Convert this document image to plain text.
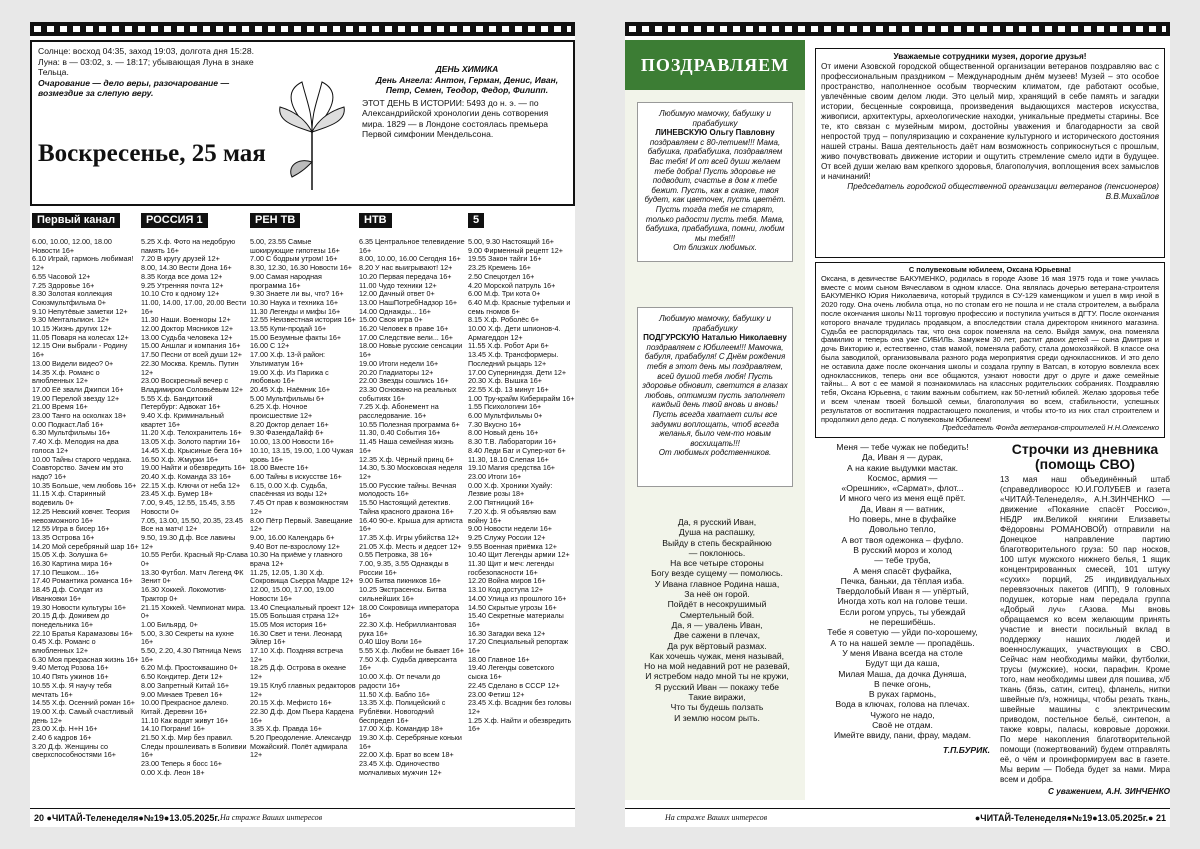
Солнце: восход 04:35, заход 19:03, долгота дня 15:28.

Луна: в — 03:02, з. — 18:17; убывающая Луна в знаке Тельца.

Очарование — дело веры, разочарование — возмездие за слепую веру.

Воскресенье, 25 мая

ДЕНЬ ХИМИКА

День Ангела: Антон, Герман, Денис, Иван, Петр, Семен, Теодор, Федор, Филипп.

ЭТОТ ДЕНЬ В ИСТОРИИ: 5493 до н. э. — по Александрийской хронологии день сотворения мира. 1829 — в Лондоне состоялась премьера Первой симфонии Мендельсона.

Первый канал

6.00, 10.00, 12.00, 18.00 Новости 16+

6.10 Играй, гармонь любимая! 12+

6.55 Часовой 12+

7.25 Здоровье 16+

8.30 Золотая коллекция Союзмультфильма 0+

9.10 Непутёвые заметки 12+

9.30 Ментальпион. 12+

10.15 Жизнь других 12+

11.05 Поваря на колесах 12+

12.15 Они выбрали - Родину 16+

13.00 Видели видео? 0+

14.35 Х.ф. Романс о влюбленных 12+

17.00 Её звали Джипси 16+

19.00 Перелой звезду 12+

21.00 Время 16+

23.00 Танго на осколках 18+

0.00 Подкаст.Лаб 16+

6.30 Мультфильмы 16+

7.40 Х.ф. Мелодия на два голоса 12+

10.00 Тайны старого чердака. Соавторство. Зачем им это надо? 16+

10.35 Больше, чем любовь 16+

11.15 Х.ф. Старинный водевиль 0+

12.25 Невский ковчег. Теория невозможного 16+

12.55 Игра в бисер 16+

13.35 Острова 16+

14.20 Мой серебряный шар 16+

15.05 Х.ф. Золушка 6+

16.30 Картина мира 16+

17.10 Пешком... 16+

17.40 Романтика романса 16+

18.45 Д.ф. Солдат из Иванковки 16+

19.30 Новости культуры 16+

20.15 Д.ф. Доживем до понедельника 16+

22.10 Братья Карамазовы 16+

0.45 Х.ф. Романс о влюбленных 12+

6.30 Моя прекрасная жизнь 16+

9.40 Метод Розова 16+

10.40 Пять ужинов 16+

10.55 Х.ф. Я научу тебя мечтать 16+

14.55 Х.ф. Осенний роман 16+

19.00 Х.ф. Самый счастливый день 12+

23.00 Х.ф. Н+Н 16+

2.40 6 кадров 16+

3.20 Д.ф. Женщины со сверхспособностями 16+

РОССИЯ 1

5.25 Х.ф. Фото на недобрую память 16+

7.20 В кругу друзей 12+

8.00, 14.30 Вести Дона 16+

8.35 Когда все дома 12+

9.25 Утренняя почта 12+

10.10 Сто к одному 12+

11.00, 14.00, 17.00, 20.00 Вести 16+

11.30 Наши. Военкоры 12+

12.00 Доктор Мясников 12+

13.00 Судьба человека 12+

15.00 Аншлаг и компания 16+

17.50 Песни от всей души 12+

22.30 Москва. Кремль. Путин 12+

23.00 Воскресный вечер с Владимиром Соловьёвым 12+

5.55 Х.ф. Бандитский Петербург: Адвокат 16+

9.40 Х.ф. Криминальный квартет 16+

11.20 Х.ф. Телохранитель 16+

13.05 Х.ф. Золото партии 16+

14.45 Х.ф. Крысиные бега 16+

16.50 Х.ф. Жмурки 16+

19.00 Найти и обезвредить 16+

20.40 Х.ф. Команда 33 16+

22.15 Х.ф. Ключи от неба 12+

23.45 Х.ф. Бумер 18+

7.00, 9.45, 12.55, 15.45, 3.55 Новости 0+

7.05, 13.00, 15.50, 20.35, 23.45 Все на матч! 12+

9.50, 19.30 Д.ф. Все лавины 12+

10.55 Регби. Красный Яр-Слава 0+

13.30 Футбол. Матч Легенд ФК Зенит 0+

16.30 Хоккей. Локомотив-Трактор 0+

21.15 Хоккей. Чемпионат мира. 0+

1.00 Бильярд. 0+

5.00, 3.30 Секреты на кухне 16+

5.50, 2.20, 4.30 Пятница News 16+

6.20 М.ф. Простоквашино 0+

6.50 Кондитер. Дети 12+

8.00 Запретный Китай 16+

9.00 Минаев Тревел 16+

10.00 Прекрасное далеко. Китай. Деревни 16+

11.10 Как водят живут 16+

14.10 Пограни! 16+

21.50 Х.ф. Мир без правил. Следы прошлеивать в Боливии 16+

23.00 Теперь я босс 16+

0.00 Х.ф. Леон 18+

РЕН ТВ

5.00, 23.55 Самые шокирующие гипотезы 16+

7.00 С бодрым утром! 16+

8.30, 12.30, 16.30 Новости 16+

9.00 Самая народная программа 16+

9.30 Знаете ли вы, что? 16+

10.30 Наука и техника 16+

11.30 Легенды и мифы 16+

12.55 Неизвестная история 16+

13.55 Купи-продай 16+

15.00 Безумные факты 16+

16.00 С 12+

17.00 Х.ф. 13-й район: Ультиматум 16+

19.00 Х.ф. Из Парижа с любовью 16+

20.45 Х.ф. Наёмник 16+

5.00 Мультфильмы 6+

6.25 Х.ф. Ночное происшествие 12+

8.20 Доктор делает 16+

9.30 ФазендаЛайф 6+

10.00, 13.00 Новости 16+

10.10, 13.15, 19.00, 1.00 Чужая кровь 16+

18.00 Вместе 16+

6.00 Тайны в искусстве 16+

6.15, 0.00 Х.ф. Судьба, спасённая из воды 12+

7.45 От прав к возможностям 12+

8.00 Пётр Первый. Завещание 12+

9.00, 16.00 Календарь 6+

9.40 Вот пе-взрослому 12+

10.30 На приёме у главного врача 12+

11.25, 12.05, 1.30 Х.ф. Сокровища Сьерра Мадре 12+

12.00, 15.00, 17.00, 19.00 Новости 16+

13.40 Специальный проект 12+

15.05 Большая страна 12+

15.05 Моя история 16+

16.30 Свет и тени. Леонард Эйлер 16+

17.10 Х.ф. Поздняя встреча 12+

18.25 Д.ф. Острова в океане 12+

19.15 Клуб главных редакторов 12+

20.15 Х.ф. Мефисто 16+

22.30 Д.ф. Дом Пьера Кардена 16+

3.35 Х.ф. Правда 16+

5.20 Преодоление. Александр Можайский. Полёт адмирала 12+

НТВ

6.35 Центральное телевидение 16+

8.00, 10.00, 16.00 Сегодня 16+

8.20 У нас выигрывают! 12+

10.20 Первая передача 16+

11.00 Чудо техники 12+

12.00 Дачный ответ 0+

13.00 НашПотребНадзор 16+

14.00 Однажды... 16+

15.00 Своя игра 0+

16.20 Человек в праве 16+

17.00 Следствие вели... 16+

18.00 Новые русские сенсации 16+

19.00 Итоги недели 16+

20.20 Гладиаторы 12+

22.00 Звезды сошлись 16+

23.30 Основано на реальных событиях 16+

7.25 Х.ф. Абонемент на расследование. 16+

10.55 Полезная программа 6+

11.30, 0.40 События 16+

11.45 Наша семейная жизнь 16+

12.35 Х.ф. Чёрный принц 6+

14.30, 5.30 Московская неделя 12+

15.00 Русские тайны. Вечная молодость 16+

15.50 Настоящий детектив. Тайна красного дракона 16+

16.40 90-е. Крыша для артиста 16+

17.35 Х.ф. Игры убийства 12+

21.05 Х.ф. Месть и дедсет 12+

0.55 Петровка, 38 16+

7.00, 9.35, 3.55 Однажды в России 16+

9.00 Битва пикников 16+

10.25 Экстрасенсы. Битва сильнейших 16+

18.00 Сокровища императора 16+

22.30 Х.ф. Небриллиантовая рука 16+

0.40 Шоу Воли 16+

5.55 Х.ф. Любви не бывает 16+

7.50 Х.ф. Судьба диверсанта 16+

10.00 Х.ф. От печали до радости 16+

11.50 Х.ф. Бабло 16+

13.35 Х.ф. Полицейский с Рублёвки. Новогодний беспредел 16+

17.00 Х.ф. Командир 18+

19.30 Х.ф. Серебряные коньки 16+

22.00 Х.ф. Брат во всем 18+

23.45 Х.ф. Одиночество молчаливых мужчин 12+

5

5.00, 9.30 Настоящий 16+

9.00 Фирменный рецепт 12+

19.55 Закон тайги 16+

23.25 Кремень 16+

2.50 Спецотдел 16+

4.20 Морской патруль 16+

6.00 М.ф. Три кота 0+

6.40 М.ф. Красные туфельки и семь гномов 6+

8.15 Х.ф. Роболёс 6+

10.00 Х.ф. Дети шпионов-4. Армагеддон 12+

11.55 Х.ф. Робот Ари 6+

13.45 Х.ф. Трансформеры. Последний рыцарь 12+

17.00 Суперниндзя. Дети 12+

20.30 Х.ф. Вышка 16+

22.55 Х.ф. 13 минут 16+

1.00 Тру-крайм Киберкрайм 16+

1.55 Психологини 16+

6.00 Мультфильмы 0+

7.30 Вкусно 16+

8.00 Новый день 16+

8.30 Т.В. Лаборатории 16+

8.40 Леди Баг и Супер-кот 6+

11.30, 18.10 Слепая 16+

19.10 Магия средства 16+

23.00 Итоги 16+

0.00 Х.ф. Хроники Хуайу: Лезвие розы 18+

2.00 Пятницкий 16+

7.20 Х.ф. Я объявляю вам войну 16+

9.00 Новости недели 16+

9.25 Служу России 12+

9.55 Военная приёмка 12+

10.40 Щит Легенды армии 12+

11.30 Щит и меч: легенды госбезопасности 16+

12.20 Война миров 16+

13.10 Код доступа 12+

14.00 Улица из прошлого 16+

14.50 Скрытые угрозы 16+

15.40 Секретные материалы 16+

16.30 Загадки века 12+

17.20 Специальный репортаж 16+

18.00 Главное 16+

19.40 Легенды советского сыска 16+

22.45 Сделано в СССР 12+

23.00 Фетиш 12+

23.45 Х.ф. Всадник без головы 12+

1.25 Х.ф. Найти и обезвредить 16+

20 ●ЧИТАЙ-Теленеделя●№19●13.05.2025г. На страже Ваших интересов
ПОЗДРАВЛЯЕМ
Любимую мамочку, бабушку и прабабушку
ЛИНЕВСКУЮ Ольгу Павловну
поздравляем с 80-летием!!! Мама, бабушка, прабабушка, поздравляем Вас тебя! И от всей души желаем тебе добра! Пусть здоровье не подводит, счастье в дом к тебе бежит. Пусть, как в сказке, твоя будет, как цветочек, пусть цветёт. Пусть тогда тебя не старят, только радости пусть тебя. Мама, бабушка, прабабушка, помни, любим мы тебя!!!
От близких любимых.
Любимую мамочку, бабушку и прабабушку
ПОДГУРСКУЮ Наталью Николаевну
поздравляем с Юбилеем!!! Мамочка, бабуля, прабабуля! С Днём рождения тебя в этот день мы поздравляем, всей душой тебя любя! Пусть здоровье обновит, светится в глазах любовь, оптимизм пусть заполняет каждый день твой вновь и вновь! Пусть всегда хватает силы все задумки воплощать, чтоб всегда желанья, было чем-то новым восхищать!!!
От любимых родственников.

Да, я русский Иван,

Душа на распашку,

Выйду в степь бескрайнюю

— поклонюсь.

На все четыре стороны

Богу везде сущему — помолюсь.

У Ивана главное Родина наша,

За неё он горой.

Пойдёт в несокрушимый

Смертельный бой.

Да, я — увалень Иван,

Две сажени в плечах,

Да рук вёртовый размах.

Как хочешь чужак, меня называй,

Но на мой недавний рот не разевай,

И ястребом надо мной ты не кружи,

Я русский Иван — покажу тебе

Такие виражи,

Что ты будешь ползать

И землю носом рыть.

Уважаемые сотрудники музея, дорогие друзья!

От имени Азовской городской общественной организации ветеранов поздравляю вас с профессиональным праздником – Международным днём музеев! Музей – это особое пространство, наполненное особым творческим климатом, где работают особые, увлечённые своим делом люди. Это целый мир, хранящий в себе память и загадки истории, бесценные сокровища, произведения выдающихся мастеров искусства, живописи, архитектуры, археологические находки, уникальные предметы старины. Все те, кто связан с музейным миром, достойны уважения и благодарности за свой непростой труд – популяризацию и сохранение культурного и исторического достояния нашей страны. Ваша деятельность даёт нам возможность соприкоснуться с прошлым, живо почувствовать движение истории и ощутить стремление смело идти в будущее. От всей души желаю вам крепкого здоровья, благополучия, воплощения всех замыслов и начинаний!

Председатель городской общественной организации ветеранов (пенсионеров) В.В.Михайлов

С полувековым юбилеем, Оксана Юрьевна!

Оксана, в девичестве БАКУМЕНКО, родилась в городе Азове 16 мая 1975 года и тоже училась вместе с моим сыном Вячеславом в одном классе. Она являлась дочерью ветерана-строителя БАКУМЕНКО Юрия Николаевича, который трудился в СУ-129 каменщиком и ушел в мир иной в 2020 году. Она очень любила отца, но по стопам его не пошла и не стала строителем, а выбрала после окончания школы №11 торговую профессию и поступила учиться в ДГТУ. После окончания которого вначале трудилась продавцом, а впоследствии стала директором книжного магазина. Судьба ее распорядилась так, что она сорок поменяла на село. Выйдя замуж, она поменяла фамилию и теперь она уже СИБИЛЬ. Замужем 30 лет, растит двоих детей — сына Дмитрия и дочь Викторию и, естественно, став мамой, поменяла работу, стала домохозяйкой. В классе она была заводилой, организовывала разного рода мероприятия среди одноклассников. И это дело не оставила даже после окончания школы и создала группу в Ватсап, в которую вовлекла всех одноклассников, теперь они все общаются, узнают новости друг о друге и даже семейные тайны... А вот с ее мамой я познакомилась на классных родительских собраниях. Поздравляю тебя, Оксана Юрьевна, с таким важным событием, как 50-летний юбилей. Желаю здоровья тебе и всем членам твоей большой семьи, благополучия во всем, стабильности, успешных результатов от воспитания подрастающего поколения, и чтобы кто-то из них стал строителем и продолжил дело деда. С полувековым Юбилеем!

Председатель Фонда ветеранов-строителей Н.Н.Олексенко

Меня — тебе чужак не победить!

Да, Иван я — дурак,

А на какие выдумки мастак.

Космос, армия —

«Орешник», «Сармат», флот...

И много чего из меня ещё прёт.

Да, Иван я — ватник,

Но поверь, мне в фуфайке

Довольно тепло,

А вот твоя одежонка – фуфло.

В русский мороз и холод

— тебе труба,

А меня спасёт фуфайка,

Печка, баньки, да тёплая изба.

Твердолобый Иван я — упёртый,

Иногда хоть кол на голове теши.

Если рогом упрусь, ты убеждай

не перешибёшь.

Тебе я советую — уйди по-хорошему,

А то на нашей земле — пропадёшь.

У меня Ивана всегда на столе

Будут щи да каша,

Милая Маша, да дочка Дуняша,

В печке огонь,

В руках гармонь,

Вода в ключах, голова на плечах.

Чужого не надо,

Своё не отдам.

Имейте ввиду, пани, фрау, мадам.

Т.П.БУРИК.
Строчки из дневника (помощь СВО)

13 мая наш объединённый штаб (справедливоросс Ю.И.ГОЛУБЕВ и газета «ЧИТАЙ-Теленеделя», А.Н.ЗИНЧЕНКО — движение «Покаяние спасёт Россию», НБДР им.Великой княгини Елизаветы Фёдоровны РОМАНОВОЙ) отправили на Донецкое направление партию благотворительного груза: 50 пар носков, 100 штук мужского нижнего белья, 1 ящик концентрированных смесей, 101 штуку «сухих» порций, 25 индивидуальных перевязочных пакетов (ИПП), 9 головных подушек, которые нам передала группа «Добрый луч» г.Азова. Мы вновь обращаемся ко всем желающим принять участие и внести посильный вклад в поддержку наших людей и военнослужащих, участвующих в СВО. Сейчас нам необходимы майки, футболки, трусы (мужские), носки, парафин. Кроме того, нам необходимы швеи для пошива, х/б ткань (бязь, сатин, ситец), фланель, нитки швейные п/э, ножницы, чтобы резать ткань, швейные машины с электрическим приводом, постельное бельё, синтепон, а также ковры, паласы, ковровые дорожки. По мере накопления благотворительной помощи (пожертвований) будем отправлять её, о чём и проинформируем вас в газете. Мы верим — Победа будет за нами. Мира всем и добра.

С уважением, А.Н. ЗИНЧЕНКО

На страже Ваших интересов	●ЧИТАЙ-Теленеделя●№19●13.05.2025г.● 21
